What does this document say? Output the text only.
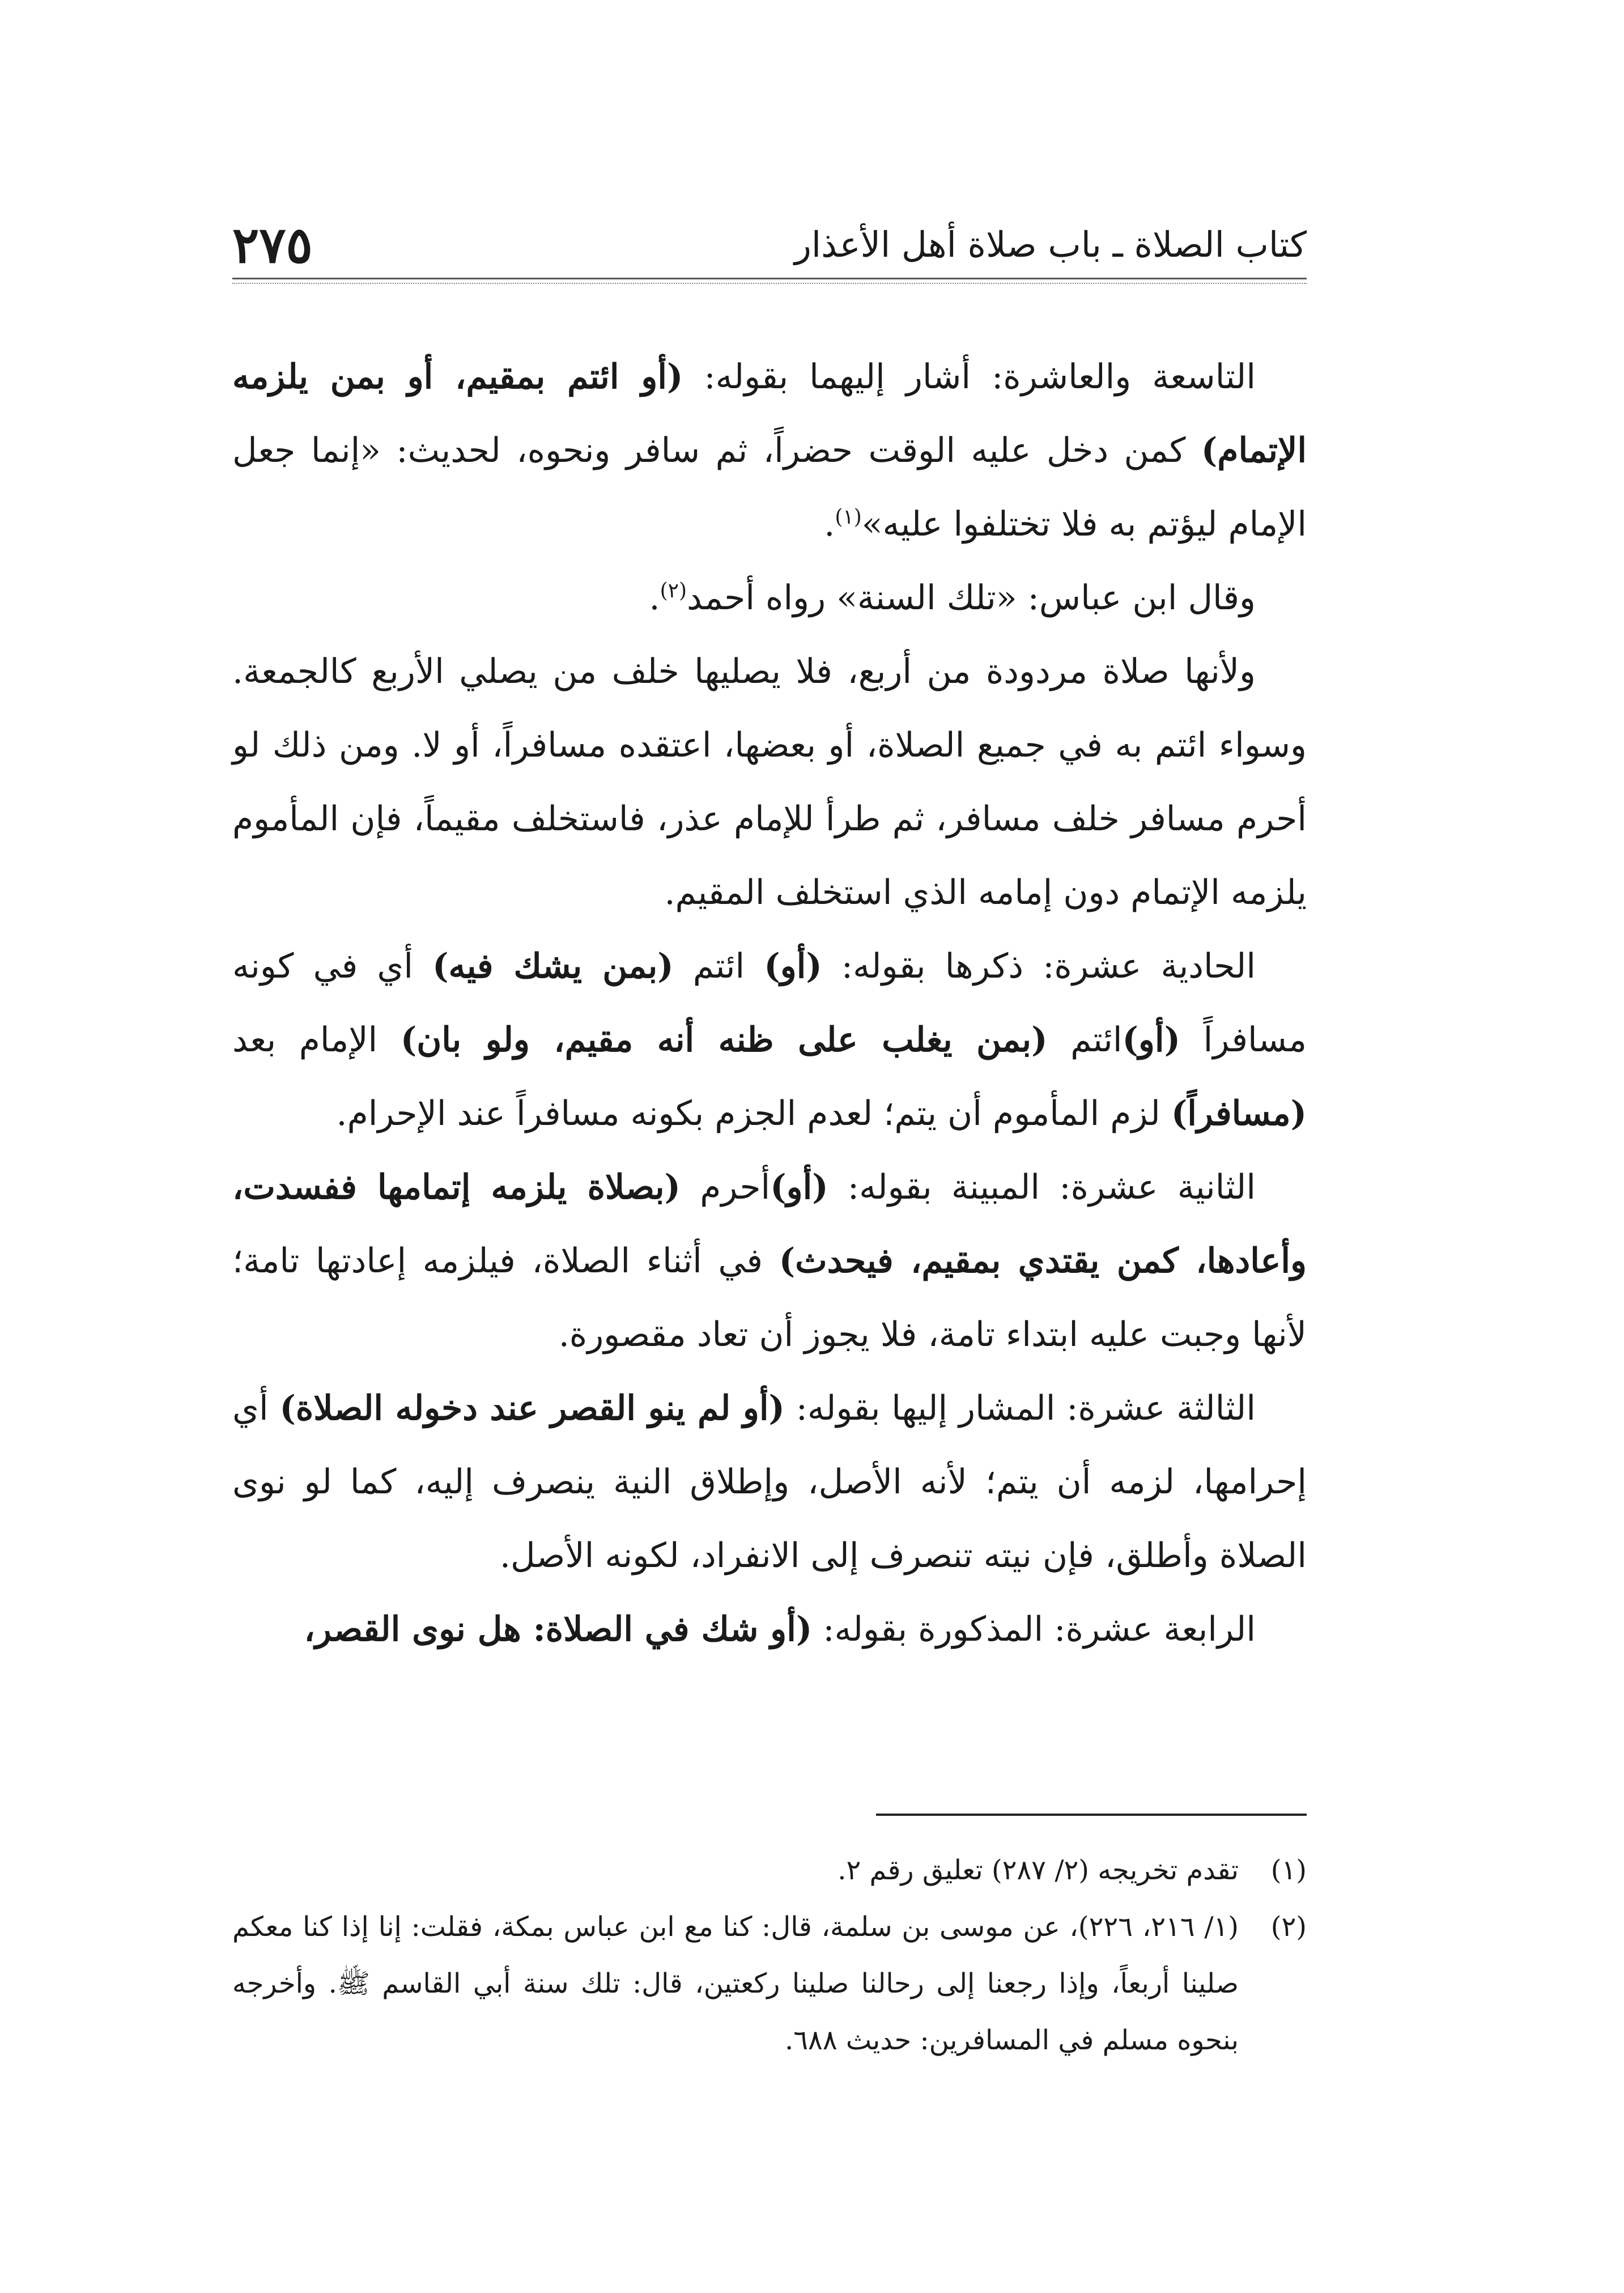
٢٧٥	كتاب الصلاة ـ باب صلاة أهل الأعذار

التاسعة والعاشرة: أشار إليهما بقوله: (أو ائتم بمقيم، أو بمن يلزمه الإتمام) كمن دخل عليه الوقت حضراً، ثم سافر ونحوه، لحديث: «إنما جعل الإمام ليؤتم به فلا تختلفوا عليه»$^{(١)}$.

وقال ابن عباس: «تلك السنة» رواه أحمد$^{(٢)}$.

ولأنها صلاة مردودة من أربع، فلا يصليها خلف من يصلي الأربع كالجمعة. وسواء ائتم به في جميع الصلاة، أو بعضها، اعتقده مسافراً، أو لا. ومن ذلك لو أحرم مسافر خلف مسافر، ثم طرأ للإمام عذر، فاستخلف مقيماً، فإن المأموم يلزمه الإتمام دون إمامه الذي استخلف المقيم.

الحادية عشرة: ذكرها بقوله: (أو) ائتم (بمن يشك فيه) أي في كونه مسافراً (أو)ائتم (بمن يغلب على ظنه أنه مقيم، ولو بان) الإمام بعد (مسافراً) لزم المأموم أن يتم؛ لعدم الجزم بكونه مسافراً عند الإحرام.

الثانية عشرة: المبينة بقوله: (أو)أحرم (بصلاة يلزمه إتمامها ففسدت، وأعادها، كمن يقتدي بمقيم، فيحدث) في أثناء الصلاة، فيلزمه إعادتها تامة؛ لأنها وجبت عليه ابتداء تامة، فلا يجوز أن تعاد مقصورة.

الثالثة عشرة: المشار إليها بقوله: (أو لم ينو القصر عند دخوله الصلاة) أي إحرامها، لزمه أن يتم؛ لأنه الأصل، وإطلاق النية ينصرف إليه، كما لو نوى الصلاة وأطلق، فإن نيته تنصرف إلى الانفراد، لكونه الأصل.

الرابعة عشرة: المذكورة بقوله: (أو شك في الصلاة: هل نوى القصر،

(١)
تقدم تخريجه (٢/ ٢٨٧) تعليق رقم ٢.

(٢)
(١/ ٢١٦، ٢٢٦)، عن موسى بن سلمة، قال: كنا مع ابن عباس بمكة، فقلت: إنا إذا كنا معكم صلينا أربعاً، وإذا رجعنا إلى رحالنا صلينا ركعتين، قال: تلك سنة أبي القاسم ﷺ. وأخرجه بنحوه مسلم في المسافرين: حديث ٦٨٨.
